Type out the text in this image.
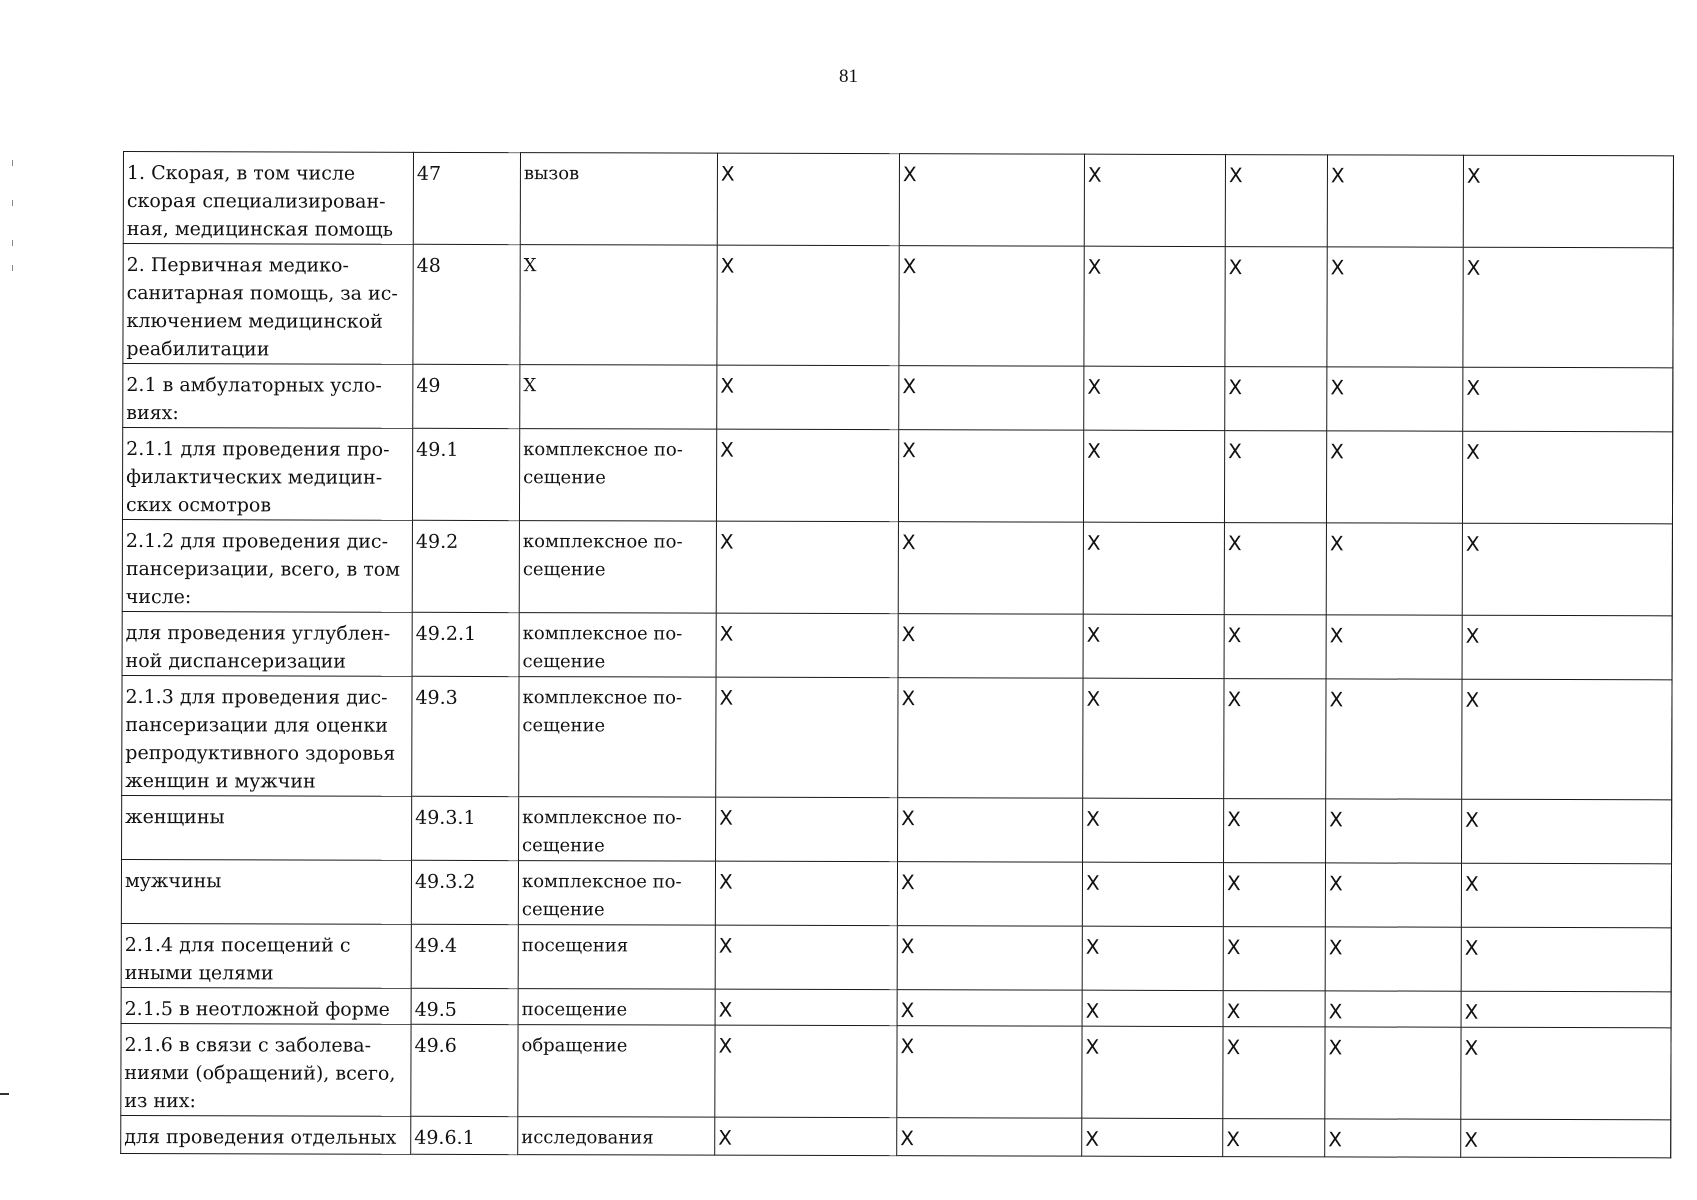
81
1. Скорая, в том числе скорая специализирован-ная, медицинская помощь	47	вызов	X	X	X	X	X	X	
2. Первичная медико-санитарная помощь, за ис-ключением медицинской реабилитации	48	X	X	X	X	X	X	X	
2.1 в амбулаторных усло-виях:	49	X	X	X	X	X	X	X	
2.1.1 для проведения про-филактических медицин-ских осмотров	49.1	комплексное по-сещение	X	X	X	X	X	X	
2.1.2 для проведения дис-пансеризации, всего, в том числе:	49.2	комплексное по-сещение	X	X	X	X	X	X	
для проведения углублен-ной диспансеризации	49.2.1	комплексное по-сещение	X	X	X	X	X	X	
2.1.3 для проведения дис-пансеризации для оценки репродуктивного здоровья женщин и мужчин	49.3	комплексное по-сещение	X	X	X	X	X	X	
женщины	49.3.1	комплексное по-сещение	X	X	X	X	X	X	
мужчины	49.3.2	комплексное по-сещение	X	X	X	X	X	X	
2.1.4 для посещений с иными целями	49.4	посещения	X	X	X	X	X	X	
2.1.5 в неотложной форме	49.5	посещение	X	X	X	X	X	X	
2.1.6 в связи с заболева-ниями (обращений), всего, из них:	49.6	обращение	X	X	X	X	X	X	
для проведения отдельных	49.6.1	исследования	X	X	X	X	X	X	
